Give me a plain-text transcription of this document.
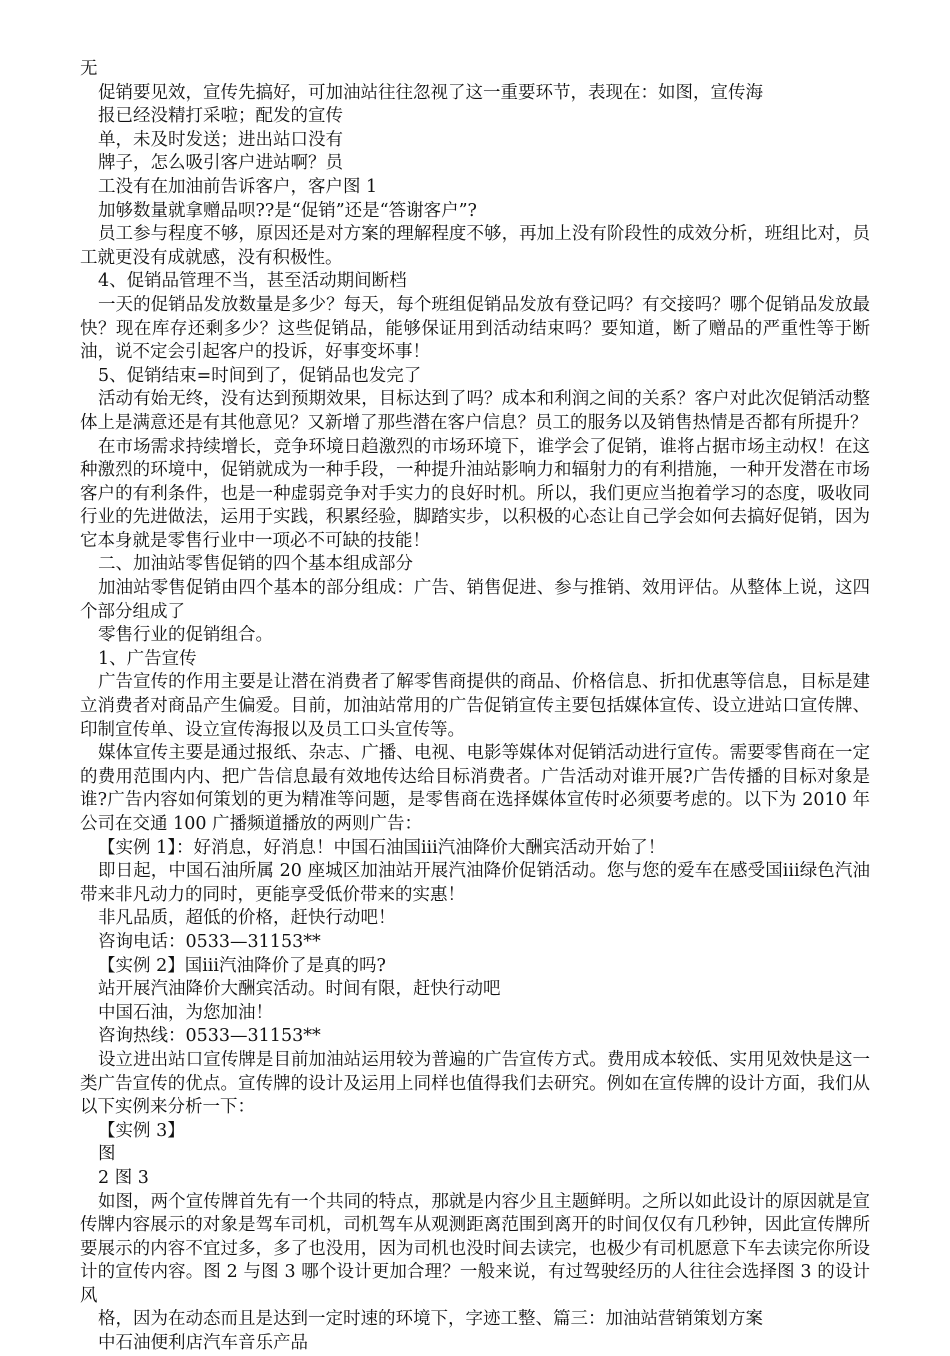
无

促销要见效，宣传先搞好，可加油站往往忽视了这一重要环节，表现在：如图，宣传海

报已经没精打采啦；配发的宣传

单，未及时发送；进出站口没有

牌子，怎么吸引客户进站啊？员

工没有在加油前告诉客户，客户图 1

加够数量就拿赠品呗??是“促销”还是“答谢客户”?

员工参与程度不够，原因还是对方案的理解程度不够，再加上没有阶段性的成效分析，班组比对，员工就更没有成就感，没有积极性。

4、促销品管理不当，甚至活动期间断档

一天的促销品发放数量是多少？每天，每个班组促销品发放有登记吗？有交接吗？哪个促销品发放最快？现在库存还剩多少？这些促销品，能够保证用到活动结束吗？要知道，断了赠品的严重性等于断油，说不定会引起客户的投诉，好事变坏事！

5、促销结束=时间到了，促销品也发完了

活动有始无终，没有达到预期效果，目标达到了吗？成本和利润之间的关系？客户对此次促销活动整体上是满意还是有其他意见？又新增了那些潜在客户信息？员工的服务以及销售热情是否都有所提升？

在市场需求持续增长，竞争环境日趋激烈的市场环境下，谁学会了促销，谁将占据市场主动权！在这种激烈的环境中，促销就成为一种手段，一种提升油站影响力和辐射力的有利措施，一种开发潜在市场客户的有利条件，也是一种虚弱竞争对手实力的良好时机。所以，我们更应当抱着学习的态度，吸收同行业的先进做法，运用于实践，积累经验，脚踏实步，以积极的心态让自己学会如何去搞好促销，因为它本身就是零售行业中一项必不可缺的技能！

二、加油站零售促销的四个基本组成部分

加油站零售促销由四个基本的部分组成：广告、销售促进、参与推销、效用评估。从整体上说，这四个部分组成了

零售行业的促销组合。

1、广告宣传

广告宣传的作用主要是让潜在消费者了解零售商提供的商品、价格信息、折扣优惠等信息，目标是建立消费者对商品产生偏爱。目前，加油站常用的广告促销宣传主要包括媒体宣传、设立进站口宣传牌、印制宣传单、设立宣传海报以及员工口头宣传等。

媒体宣传主要是通过报纸、杂志、广播、电视、电影等媒体对促销活动进行宣传。需要零售商在一定的费用范围内内、把广告信息最有效地传达给目标消费者。广告活动对谁开展?广告传播的目标对象是谁?广告内容如何策划的更为精准等问题，是零售商在选择媒体宣传时必须要考虑的。以下为 2010 年公司在交通 100 广播频道播放的两则广告：

【实例 1】：好消息，好消息！中国石油国iii汽油降价大酬宾活动开始了！

即日起，中国石油所属 20 座城区加油站开展汽油降价促销活动。您与您的爱车在感受国iii绿色汽油带来非凡动力的同时，更能享受低价带来的实惠！

非凡品质，超低的价格，赶快行动吧！

咨询电话：0533—31153**

【实例 2】国iii汽油降价了是真的吗?

站开展汽油降价大酬宾活动。时间有限，赶快行动吧

中国石油，为您加油！

咨询热线：0533—31153**

设立进出站口宣传牌是目前加油站运用较为普遍的广告宣传方式。费用成本较低、实用见效快是这一类广告宣传的优点。宣传牌的设计及运用上同样也值得我们去研究。例如在宣传牌的设计方面，我们从以下实例来分析一下：

【实例 3】

图

2 图 3

如图，两个宣传牌首先有一个共同的特点，那就是内容少且主题鲜明。之所以如此设计的原因就是宣传牌内容展示的对象是驾车司机，司机驾车从观测距离范围到离开的时间仅仅有几秒钟，因此宣传牌所要展示的内容不宜过多，多了也没用，因为司机也没时间去读完，也极少有司机愿意下车去读完你所设计的宣传内容。图 2 与图 3 哪个设计更加合理？一般来说，有过驾驶经历的人往往会选择图 3 的设计风

格，因为在动态而且是达到一定时速的环境下，字迹工整、篇三：加油站营销策划方案

中石油便利店汽车音乐产品
